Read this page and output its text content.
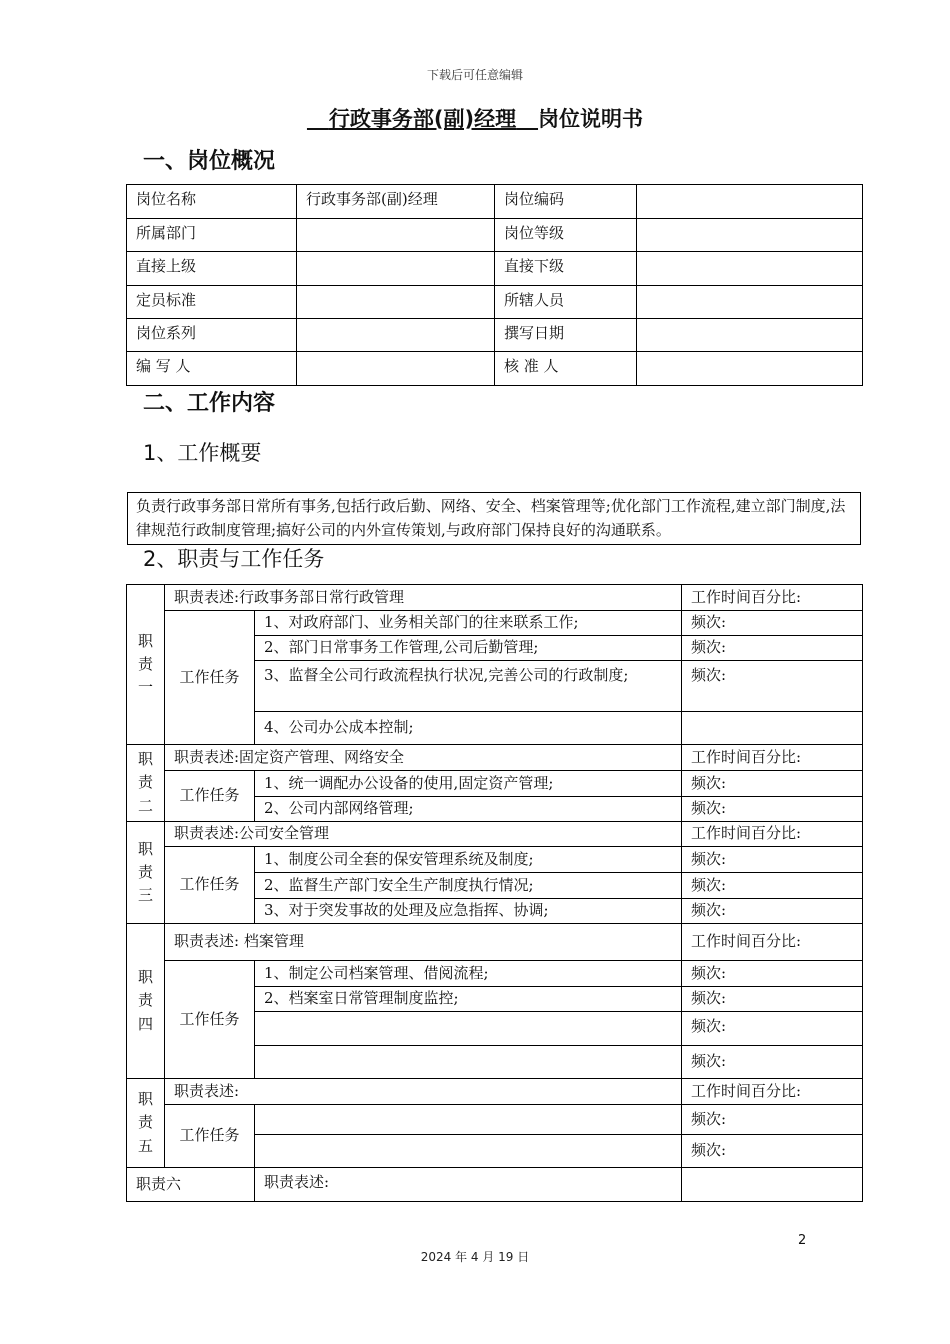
下载后可任意编辑
行政事务部(副)经理 岗位说明书
一、岗位概况
岗位名称	行政事务部(副)经理	岗位编码	
所属部门		岗位等级	
直接上级		直接下级	
定员标准		所辖人员	
岗位系列		撰写日期	
编 写 人		核 准 人	
二、工作内容
1、工作概要
负责行政事务部日常所有事务,包括行政后勤、网络、安全、档案管理等;优化部门工作流程,建立部门制度,法律规范行政制度管理;搞好公司的内外宣传策划,与政府部门保持良好的沟通联系。
2、职责与工作任务
职
责
一	职责表述:行政事务部日常行政管理		工作时间百分比:
	工作任务	1、对政府部门、业务相关部门的往来联系工作;	频次:
		2、部门日常事务工作管理,公司后勤管理;	频次:
		3、监督全公司行政流程执行状况,完善公司的行政制度;	频次:
		4、公司办公成本控制;	

职
责
二	职责表述:固定资产管理、网络安全		工作时间百分比:
	工作任务	1、统一调配办公设备的使用,固定资产管理;	频次:
		2、公司内部网络管理;	频次:

职
责
三	职责表述:公司安全管理		工作时间百分比:
	工作任务	1、制度公司全套的保安管理系统及制度;	频次:
		2、监督生产部门安全生产制度执行情况;	频次:
		3、对于突发事故的处理及应急指挥、协调;	频次:

职
责
四	职责表述: 档案管理		工作时间百分比:
	工作任务	1、制定公司档案管理、借阅流程;	频次:
		2、档案室日常管理制度监控;	频次:
			频次:
			频次:

职
责
五	职责表述:		工作时间百分比:
	工作任务		频次:
			频次:
职责六		职责表述:	
2
2024 年 4 月 19 日
